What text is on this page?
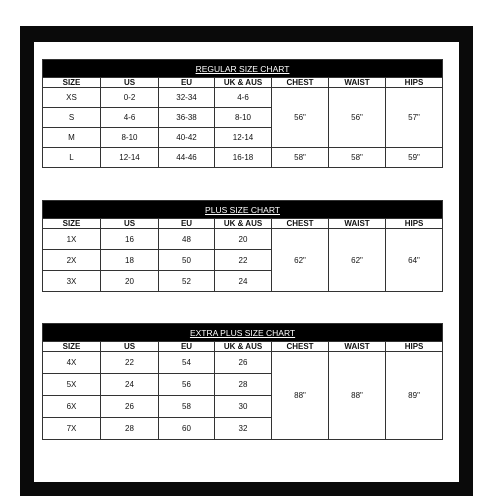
REGULAR SIZE CHART						
SIZE	US	EU	UK & AUS	CHEST	WAIST	HIPS
XS	0-2	32-34	4-6	56"	56"	57"
S	4-6	36-38	8-10			
M	8-10	40-42	12-14			
L	12-14	44-46	16-18	58"	58"	59"
PLUS SIZE CHART						
SIZE	US	EU	UK & AUS	CHEST	WAIST	HIPS
1X	16	48	20	62"	62"	64"
2X	18	50	22			
3X	20	52	24			
EXTRA PLUS SIZE CHART						
SIZE	US	EU	UK & AUS	CHEST	WAIST	HIPS
4X	22	54	26	88"	88"	89"
5X	24	56	28			
6X	26	58	30			
7X	28	60	32			
